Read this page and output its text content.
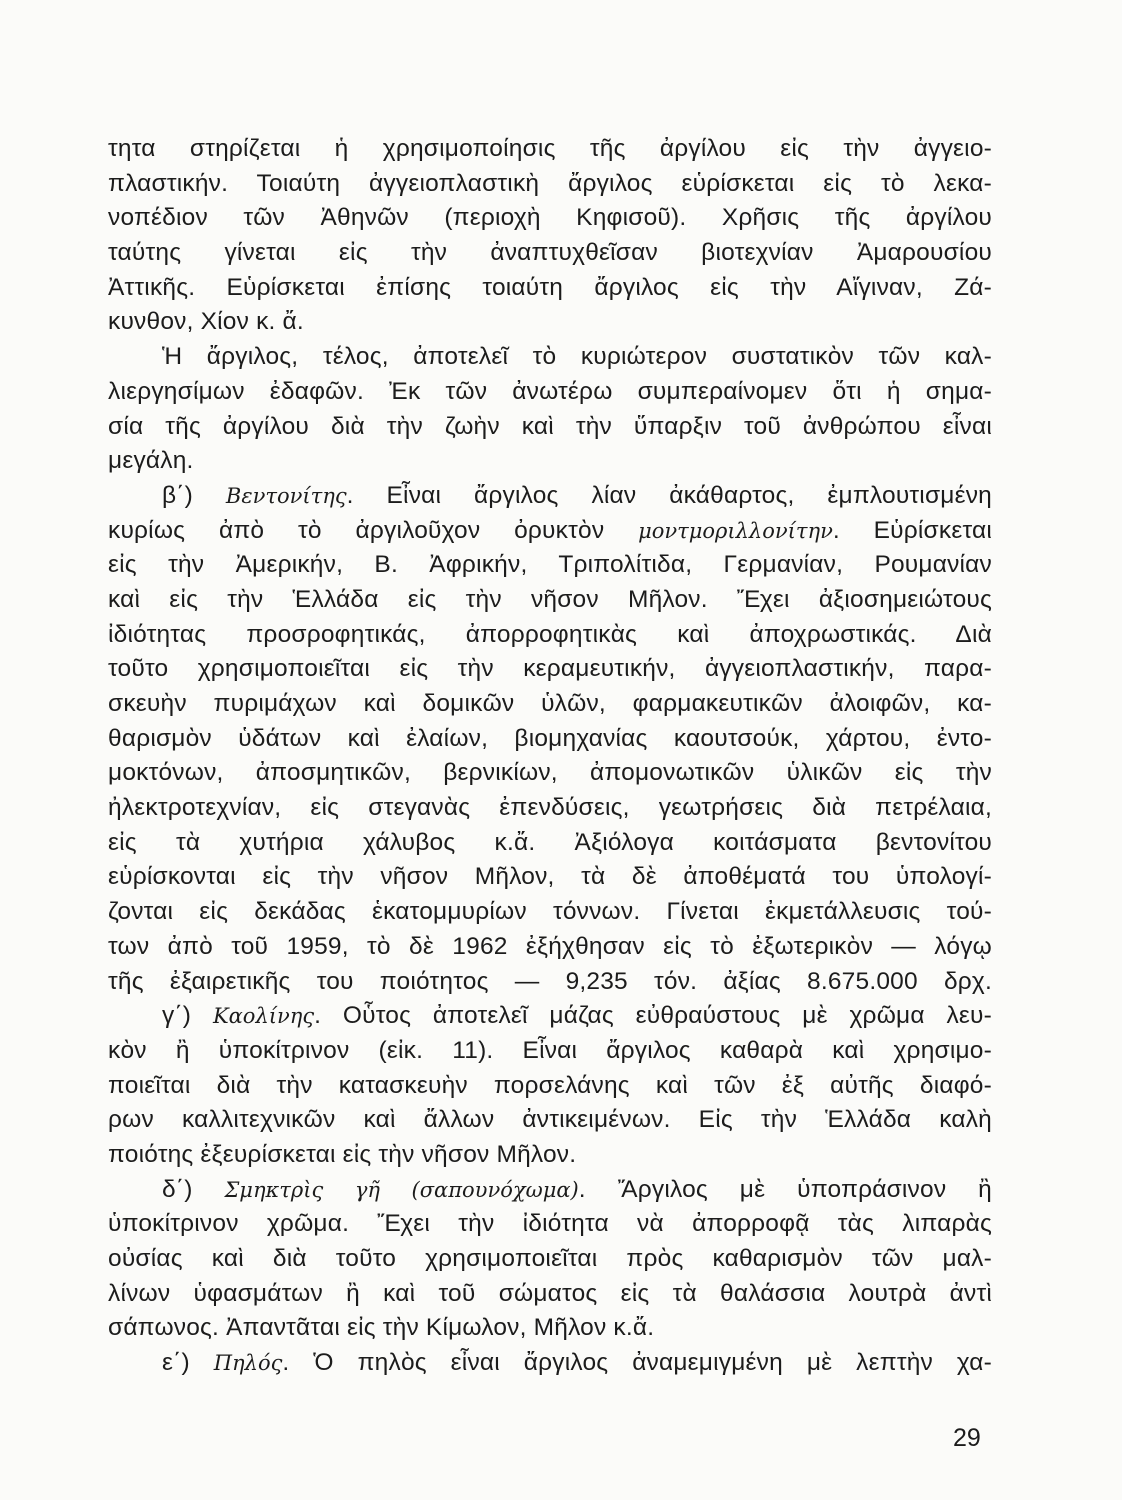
τητα στηρίζεται ἡ χρησιμοποίησις τῆς ἀργίλου εἰς τὴν ἀγγειο-
πλαστικήν. Τοιαύτη ἀγγειοπλαστικὴ ἄργιλος εὑρίσκεται εἰς τὸ λεκα-
νοπέδιον τῶν Ἀθηνῶν (περιοχὴ Κηφισοῦ). Χρῆσις τῆς ἀργίλου
ταύτης γίνεται εἰς τὴν ἀναπτυχθεῖσαν βιοτεχνίαν Ἀμαρουσίου
Ἀττικῆς. Εὑρίσκεται ἐπίσης τοιαύτη ἄργιλος εἰς τὴν Αἴγιναν, Ζά-
κυνθον, Χίον κ. ἄ.
Ἡ ἄργιλος, τέλος, ἀποτελεῖ τὸ κυριώτερον συστατικὸν τῶν καλ-
λιεργησίμων ἐδαφῶν. Ἐκ τῶν ἀνωτέρω συμπεραίνομεν ὅτι ἡ σημα-
σία τῆς ἀργίλου διὰ τὴν ζωὴν καὶ τὴν ὕπαρξιν τοῦ ἀνθρώπου εἶναι
μεγάλη.
β΄) Βεντονίτης. Εἶναι ἄργιλος λίαν ἀκάθαρτος, ἐμπλουτισμένη
κυρίως ἀπὸ τὸ ἀργιλοῦχον ὀρυκτὸν μοντμοριλλονίτην. Εὑρίσκεται
εἰς τὴν Ἀμερικήν, Β. Ἀφρικήν, Τριπολίτιδα, Γερμανίαν, Ρουμανίαν
καὶ εἰς τὴν Ἑλλάδα εἰς τὴν νῆσον Μῆλον. Ἔχει ἀξιοσημειώτους
ἰδιότητας προσροφητικάς, ἀπορροφητικὰς καὶ ἀποχρωστικάς. Διὰ
τοῦτο χρησιμοποιεῖται εἰς τὴν κεραμευτικήν, ἀγγειοπλαστικήν, παρα-
σκευὴν πυριμάχων καὶ δομικῶν ὑλῶν, φαρμακευτικῶν ἀλοιφῶν, κα-
θαρισμὸν ὑδάτων καὶ ἐλαίων, βιομηχανίας καουτσούκ, χάρτου, ἐντο-
μοκτόνων, ἀποσμητικῶν, βερνικίων, ἀπομονωτικῶν ὑλικῶν εἰς τὴν
ἠλεκτροτεχνίαν, εἰς στεγανὰς ἐπενδύσεις, γεωτρήσεις διὰ πετρέλαια,
εἰς τὰ χυτήρια χάλυβος κ.ἄ. Ἀξιόλογα κοιτάσματα βεντονίτου
εὑρίσκονται εἰς τὴν νῆσον Μῆλον, τὰ δὲ ἀποθέματά του ὑπολογί-
ζονται εἰς δεκάδας ἑκατομμυρίων τόννων. Γίνεται ἐκμετάλλευσις τού-
των ἀπὸ τοῦ 1959, τὸ δὲ 1962 ἐξήχθησαν εἰς τὸ ἐξωτερικὸν — λόγῳ
τῆς ἐξαιρετικῆς του ποιότητος — 9,235 τόν. ἀξίας 8.675.000 δρχ.
γ΄) Καολίνης. Οὗτος ἀποτελεῖ μάζας εὐθραύστους μὲ χρῶμα λευ-
κὸν ἢ ὑποκίτρινον (εἰκ. 11). Εἶναι ἄργιλος καθαρὰ καὶ χρησιμο-
ποιεῖται διὰ τὴν κατασκευὴν πορσελάνης καὶ τῶν ἐξ αὐτῆς διαφό-
ρων καλλιτεχνικῶν καὶ ἄλλων ἀντικειμένων. Εἰς τὴν Ἑλλάδα καλὴ
ποιότης ἐξευρίσκεται εἰς τὴν νῆσον Μῆλον.
δ΄) Σμηκτρὶς γῆ (σαπουνόχωμα). Ἄργιλος μὲ ὑποπράσινον ἢ
ὑποκίτρινον χρῶμα. Ἔχει τὴν ἰδιότητα νὰ ἀπορροφᾷ τὰς λιπαρὰς
οὐσίας καὶ διὰ τοῦτο χρησιμοποιεῖται πρὸς καθαρισμὸν τῶν μαλ-
λίνων ὑφασμάτων ἢ καὶ τοῦ σώματος εἰς τὰ θαλάσσια λουτρὰ ἀντὶ
σάπωνος. Ἀπαντᾶται εἰς τὴν Κίμωλον, Μῆλον κ.ἄ.
ε΄) Πηλός. Ὁ πηλὸς εἶναι ἄργιλος ἀναμεμιγμένη μὲ λεπτὴν χα-
29
